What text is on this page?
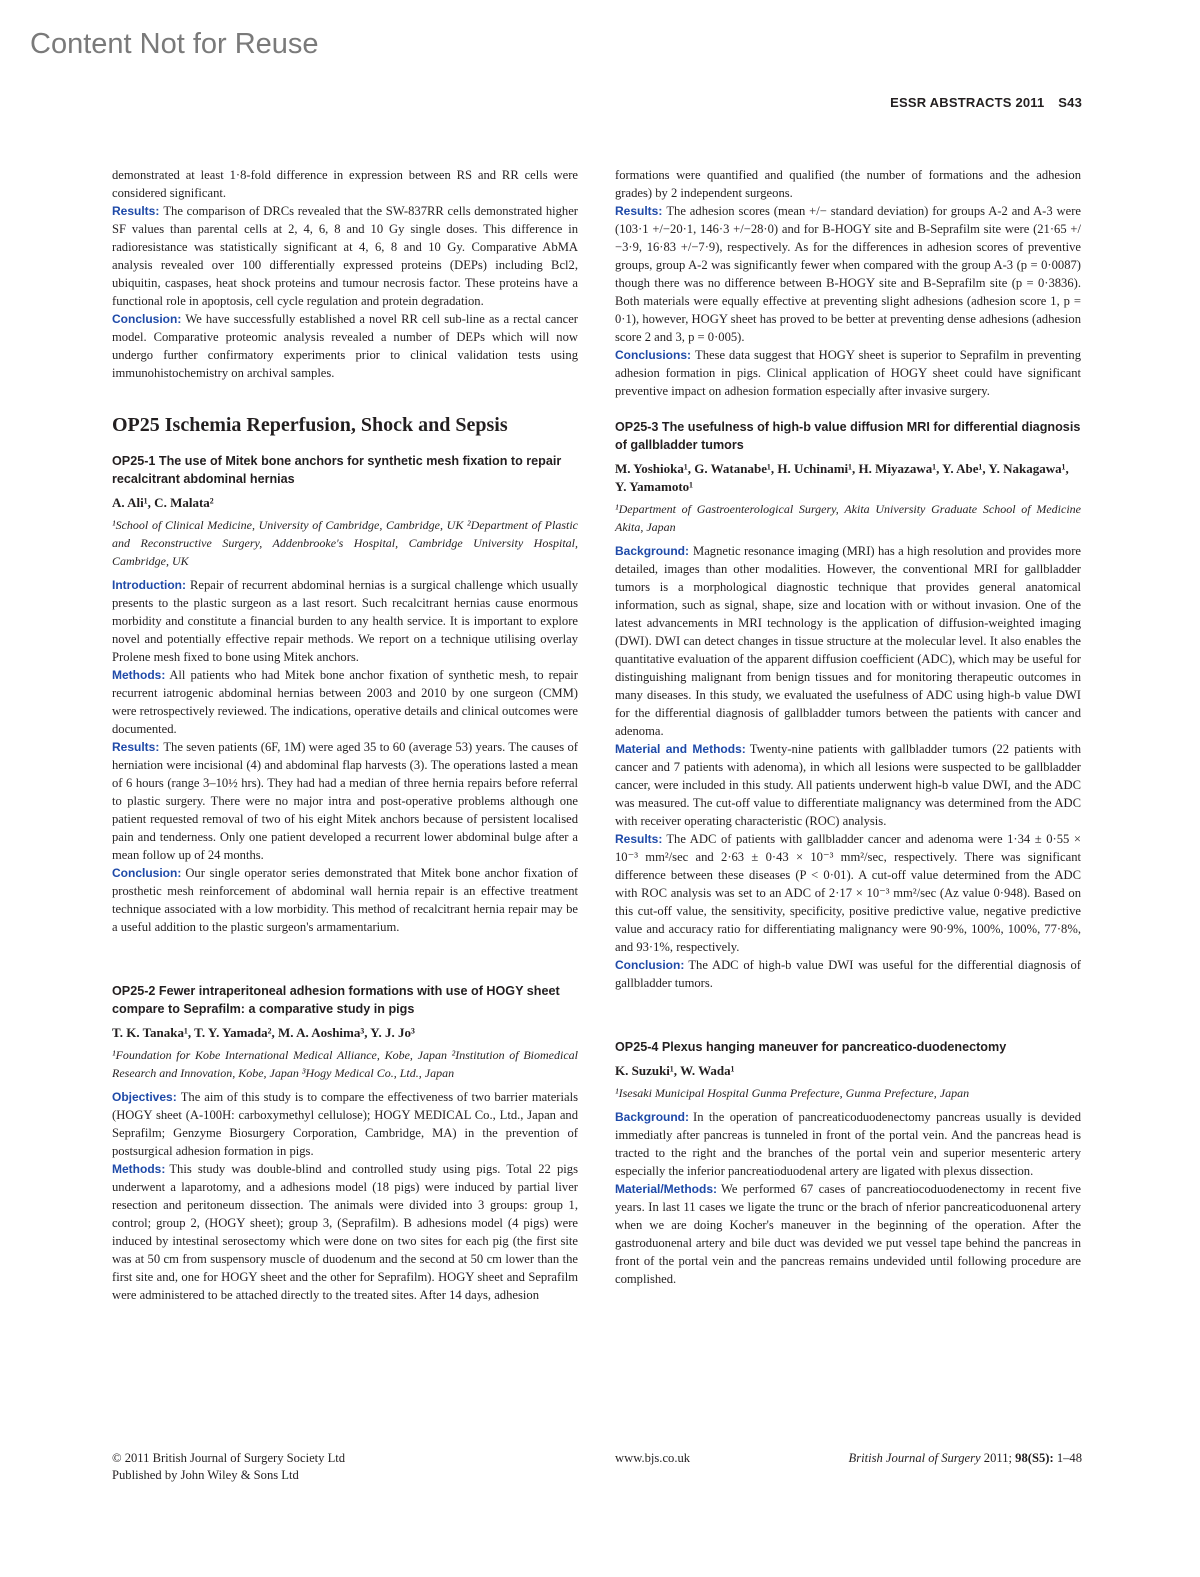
Content Not for Reuse
ESSR ABSTRACTS 2011 S43

demonstrated at least 1·8-fold difference in expression between RS and RR cells were considered significant.

Results: The comparison of DRCs revealed that the SW-837RR cells demonstrated higher SF values than parental cells at 2, 4, 6, 8 and 10 Gy single doses. This difference in radioresistance was statistically significant at 4, 6, 8 and 10 Gy. Comparative AbMA analysis revealed over 100 differentially expressed proteins (DEPs) including Bcl2, ubiquitin, caspases, heat shock proteins and tumour necrosis factor. These proteins have a functional role in apoptosis, cell cycle regulation and protein degradation.

Conclusion: We have successfully established a novel RR cell sub-line as a rectal cancer model. Comparative proteomic analysis revealed a number of DEPs which will now undergo further confirmatory experiments prior to clinical validation tests using immunohistochemistry on archival samples.

OP25 Ischemia Reperfusion, Shock and Sepsis
OP25-1 The use of Mitek bone anchors for synthetic mesh fixation to repair recalcitrant abdominal hernias

A. Ali¹, C. Malata²

¹School of Clinical Medicine, University of Cambridge, Cambridge, UK ²Department of Plastic and Reconstructive Surgery, Addenbrooke's Hospital, Cambridge University Hospital, Cambridge, UK

Introduction: Repair of recurrent abdominal hernias is a surgical challenge which usually presents to the plastic surgeon as a last resort. Such recalcitrant hernias cause enormous morbidity and constitute a financial burden to any health service. It is important to explore novel and potentially effective repair methods. We report on a technique utilising overlay Prolene mesh fixed to bone using Mitek anchors.

Methods: All patients who had Mitek bone anchor fixation of synthetic mesh, to repair recurrent iatrogenic abdominal hernias between 2003 and 2010 by one surgeon (CMM) were retrospectively reviewed. The indications, operative details and clinical outcomes were documented.

Results: The seven patients (6F, 1M) were aged 35 to 60 (average 53) years. The causes of herniation were incisional (4) and abdominal flap harvests (3). The operations lasted a mean of 6 hours (range 3–10½ hrs). They had had a median of three hernia repairs before referral to plastic surgery. There were no major intra and post-operative problems although one patient requested removal of two of his eight Mitek anchors because of persistent localised pain and tenderness. Only one patient developed a recurrent lower abdominal bulge after a mean follow up of 24 months.

Conclusion: Our single operator series demonstrated that Mitek bone anchor fixation of prosthetic mesh reinforcement of abdominal wall hernia repair is an effective treatment technique associated with a low morbidity. This method of recalcitrant hernia repair may be a useful addition to the plastic surgeon's armamentarium.

OP25-2 Fewer intraperitoneal adhesion formations with use of HOGY sheet compare to Seprafilm: a comparative study in pigs

T. K. Tanaka¹, T. Y. Yamada², M. A. Aoshima³, Y. J. Jo³

¹Foundation for Kobe International Medical Alliance, Kobe, Japan ²Institution of Biomedical Research and Innovation, Kobe, Japan ³Hogy Medical Co., Ltd., Japan

Objectives: The aim of this study is to compare the effectiveness of two barrier materials (HOGY sheet (A-100H: carboxymethyl cellulose); HOGY MEDICAL Co., Ltd., Japan and Seprafilm; Genzyme Biosurgery Corporation, Cambridge, MA) in the prevention of postsurgical adhesion formation in pigs.

Methods: This study was double-blind and controlled study using pigs. Total 22 pigs underwent a laparotomy, and a adhesions model (18 pigs) were induced by partial liver resection and peritoneum dissection. The animals were divided into 3 groups: group 1, control; group 2, (HOGY sheet); group 3, (Seprafilm). B adhesions model (4 pigs) were induced by intestinal serosectomy which were done on two sites for each pig (the first site was at 50 cm from suspensory muscle of duodenum and the second at 50 cm lower than the first site and, one for HOGY sheet and the other for Seprafilm). HOGY sheet and Seprafilm were administered to be attached directly to the treated sites. After 14 days, adhesion

formations were quantified and qualified (the number of formations and the adhesion grades) by 2 independent surgeons.

Results: The adhesion scores (mean +/− standard deviation) for groups A-2 and A-3 were (103·1 +/−20·1, 146·3 +/−28·0) and for B-HOGY site and B-Seprafilm site were (21·65 +/−3·9, 16·83 +/−7·9), respectively. As for the differences in adhesion scores of preventive groups, group A-2 was significantly fewer when compared with the group A-3 (p = 0·0087) though there was no difference between B-HOGY site and B-Seprafilm site (p = 0·3836). Both materials were equally effective at preventing slight adhesions (adhesion score 1, p = 0·1), however, HOGY sheet has proved to be better at preventing dense adhesions (adhesion score 2 and 3, p = 0·005).

Conclusions: These data suggest that HOGY sheet is superior to Seprafilm in preventing adhesion formation in pigs. Clinical application of HOGY sheet could have significant preventive impact on adhesion formation especially after invasive surgery.

OP25-3 The usefulness of high-b value diffusion MRI for differential diagnosis of gallbladder tumors

M. Yoshioka¹, G. Watanabe¹, H. Uchinami¹, H. Miyazawa¹, Y. Abe¹, Y. Nakagawa¹, Y. Yamamoto¹

¹Department of Gastroenterological Surgery, Akita University Graduate School of Medicine Akita, Japan

Background: Magnetic resonance imaging (MRI) has a high resolution and provides more detailed, images than other modalities. However, the conventional MRI for gallbladder tumors is a morphological diagnostic technique that provides general anatomical information, such as signal, shape, size and location with or without invasion. One of the latest advancements in MRI technology is the application of diffusion-weighted imaging (DWI). DWI can detect changes in tissue structure at the molecular level. It also enables the quantitative evaluation of the apparent diffusion coefficient (ADC), which may be useful for distinguishing malignant from benign tissues and for monitoring therapeutic outcomes in many diseases. In this study, we evaluated the usefulness of ADC using high-b value DWI for the differential diagnosis of gallbladder tumors between the patients with cancer and adenoma.

Material and Methods: Twenty-nine patients with gallbladder tumors (22 patients with cancer and 7 patients with adenoma), in which all lesions were suspected to be gallbladder cancer, were included in this study. All patients underwent high-b value DWI, and the ADC was measured. The cut-off value to differentiate malignancy was determined from the ADC with receiver operating characteristic (ROC) analysis.

Results: The ADC of patients with gallbladder cancer and adenoma were 1·34 ± 0·55 × 10⁻³ mm²/sec and 2·63 ± 0·43 × 10⁻³ mm²/sec, respectively. There was significant difference between these diseases (P < 0·01). A cut-off value determined from the ADC with ROC analysis was set to an ADC of 2·17 × 10⁻³ mm²/sec (Az value 0·948). Based on this cut-off value, the sensitivity, specificity, positive predictive value, negative predictive value and accuracy ratio for differentiating malignancy were 90·9%, 100%, 100%, 77·8%, and 93·1%, respectively.

Conclusion: The ADC of high-b value DWI was useful for the differential diagnosis of gallbladder tumors.

OP25-4 Plexus hanging maneuver for pancreatico-duodenectomy

K. Suzuki¹, W. Wada¹

¹Isesaki Municipal Hospital Gunma Prefecture, Gunma Prefecture, Japan

Background: In the operation of pancreaticoduodenectomy pancreas usually is devided immediatly after pancreas is tunneled in front of the portal vein. And the pancreas head is tracted to the right and the branches of the portal vein and superior mesenteric artery especially the inferior pancreatioduodenal artery are ligated with plexus dissection.

Material/Methods: We performed 67 cases of pancreatiocoduodenectomy in recent five years. In last 11 cases we ligate the trunc or the brach of nferior pancreaticoduonenal artery when we are doing Kocher's maneuver in the beginning of the operation. After the gastroduonenal artery and bile duct was devided we put vessel tape behind the pancreas in front of the portal vein and the pancreas remains undevided until following procedure are complished.

© 2011 British Journal of Surgery Society Ltd
Published by John Wiley & Sons Ltd
www.bjs.co.uk	British Journal of Surgery 2011; 98(S5): 1–48
